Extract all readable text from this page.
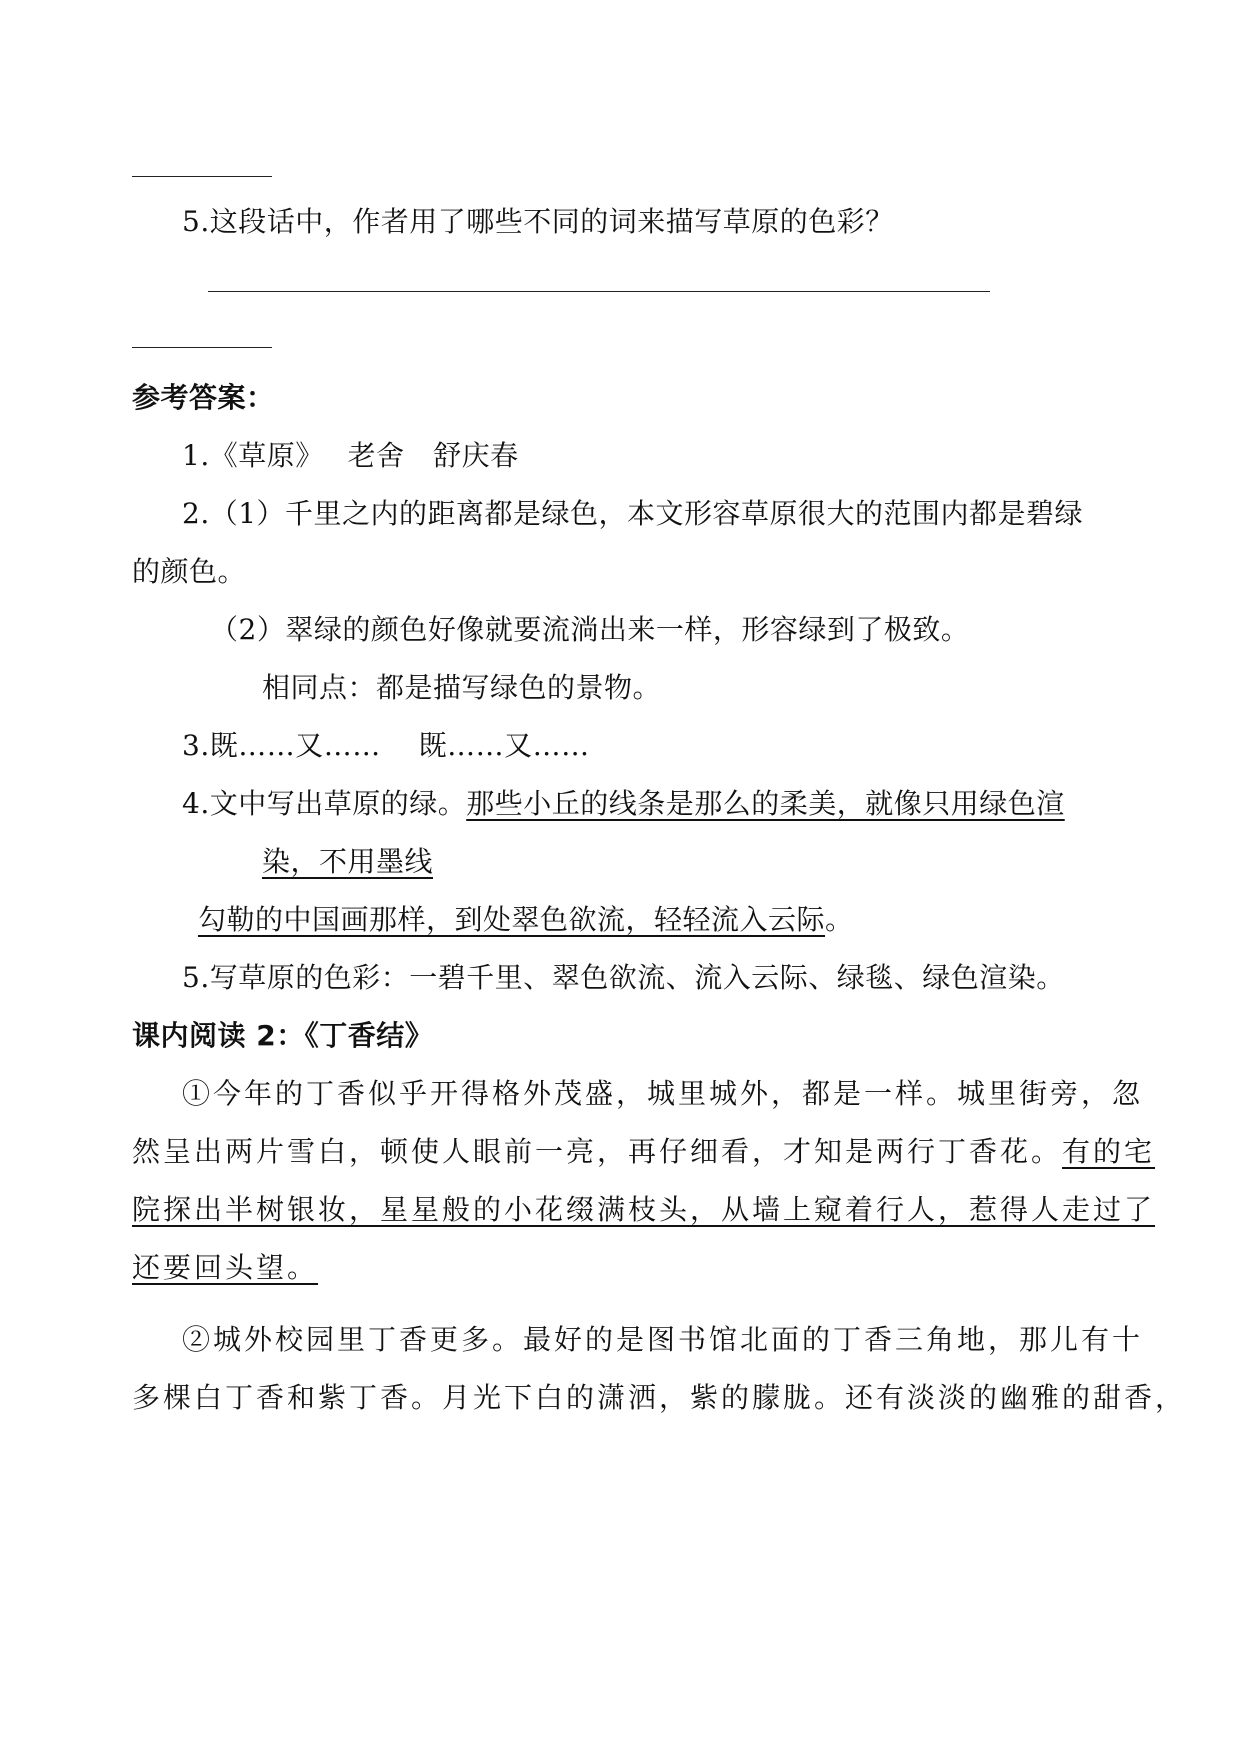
5.这段话中，作者用了哪些不同的词来描写草原的色彩？
参考答案：
1.《草原》　 老舍　舒庆春
2.（1）千里之内的距离都是绿色，本文形容草原很大的范围内都是碧绿
的颜色。
（2）翠绿的颜色好像就要流淌出来一样，形容绿到了极致。
相同点：都是描写绿色的景物。
3.既……又……　 既……又……
4.文中写出草原的绿。那些小丘的线条是那么的柔美，就像只用绿色渲
染，不用墨线
勾勒的中国画那样，到处翠色欲流，轻轻流入云际。
5.写草原的色彩：一碧千里、翠色欲流、流入云际、绿毯、绿色渲染。
课内阅读 2：《丁香结》
①今年的丁香似乎开得格外茂盛，城里城外，都是一样。城里街旁，忽
然呈出两片雪白，顿使人眼前一亮，再仔细看，才知是两行丁香花。有的宅
院探出半树银妆，星星般的小花缀满枝头，从墙上窥着行人，惹得人走过了
还要回头望。
②城外校园里丁香更多。最好的是图书馆北面的丁香三角地，那儿有十
多棵白丁香和紫丁香。月光下白的潇洒，紫的朦胧。还有淡淡的幽雅的甜香，
